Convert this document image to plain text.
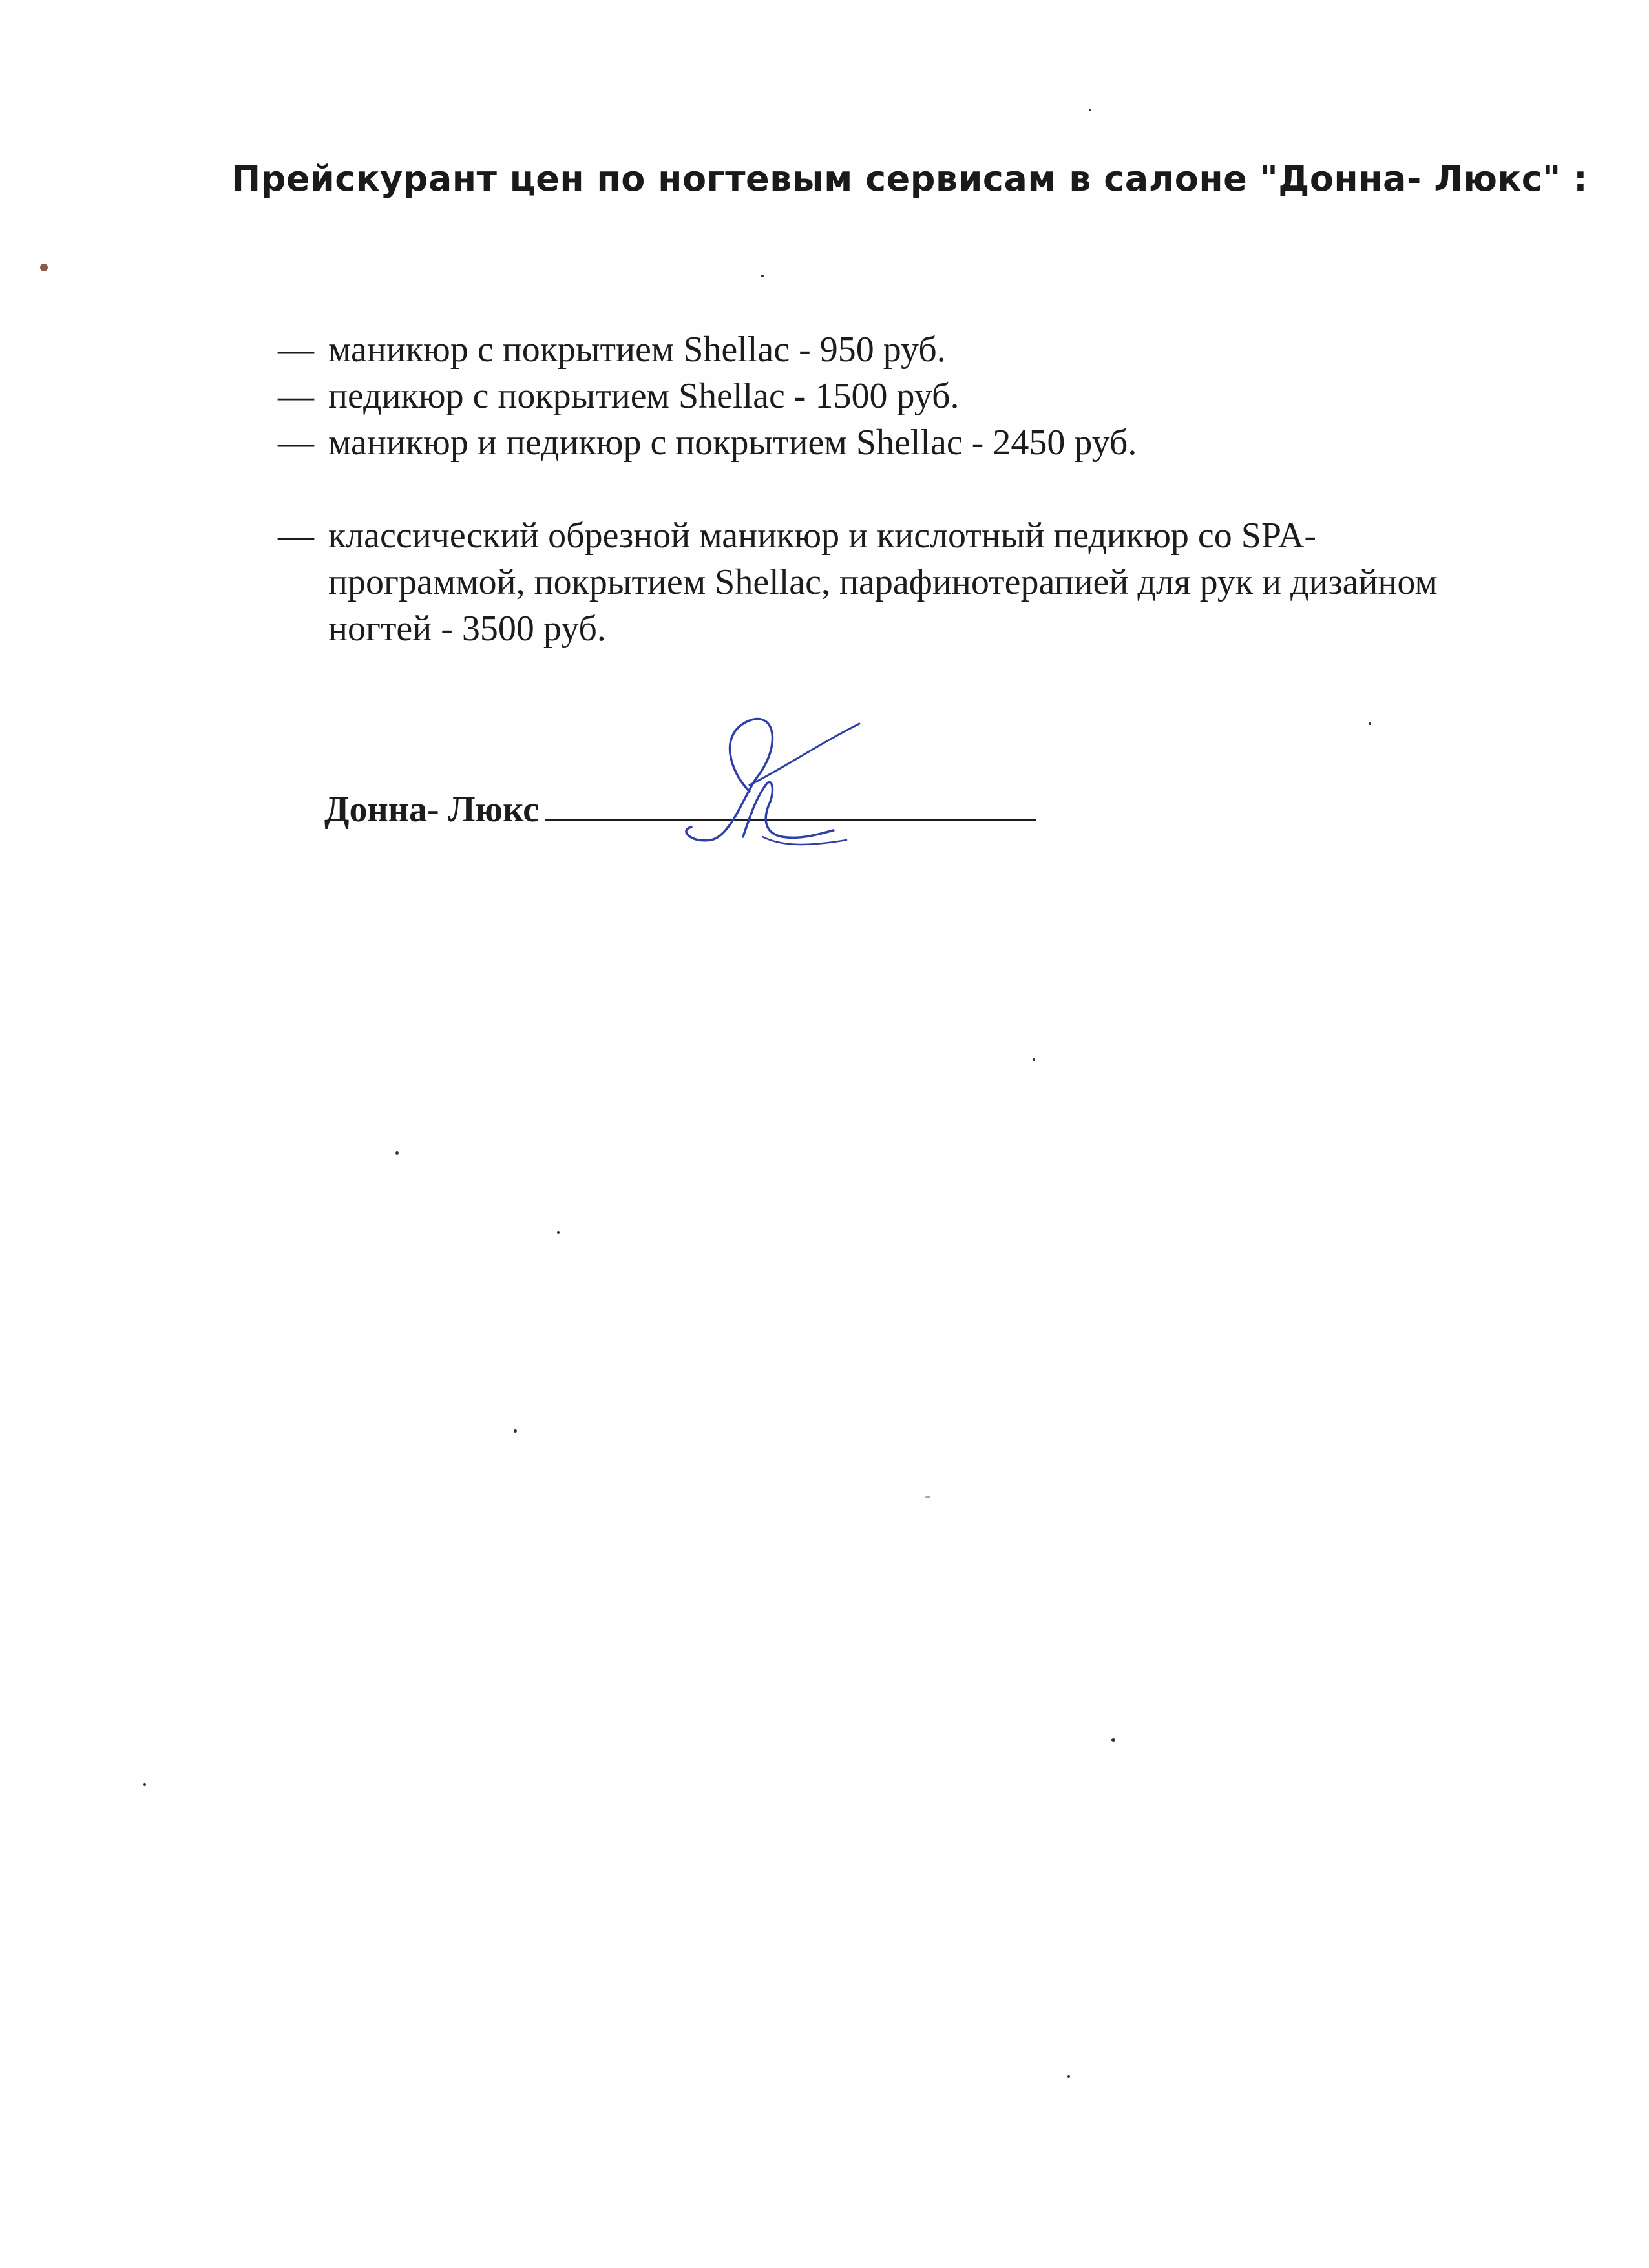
Прейскурант цен по ногтевым сервисам в салоне "Донна- Люкс" :
— маникюр с покрытием Shellac - 950 руб.
— педикюр с покрытием Shellac - 1500 руб.
— маникюр и педикюр с покрытием Shellac - 2450 руб.
— классический обрезной маникюр и кислотный педикюр со SPA-программой, покрытием Shellac, парафинотерапией для рук и дизайном ногтей - 3500 руб.
Донна- Люкс
